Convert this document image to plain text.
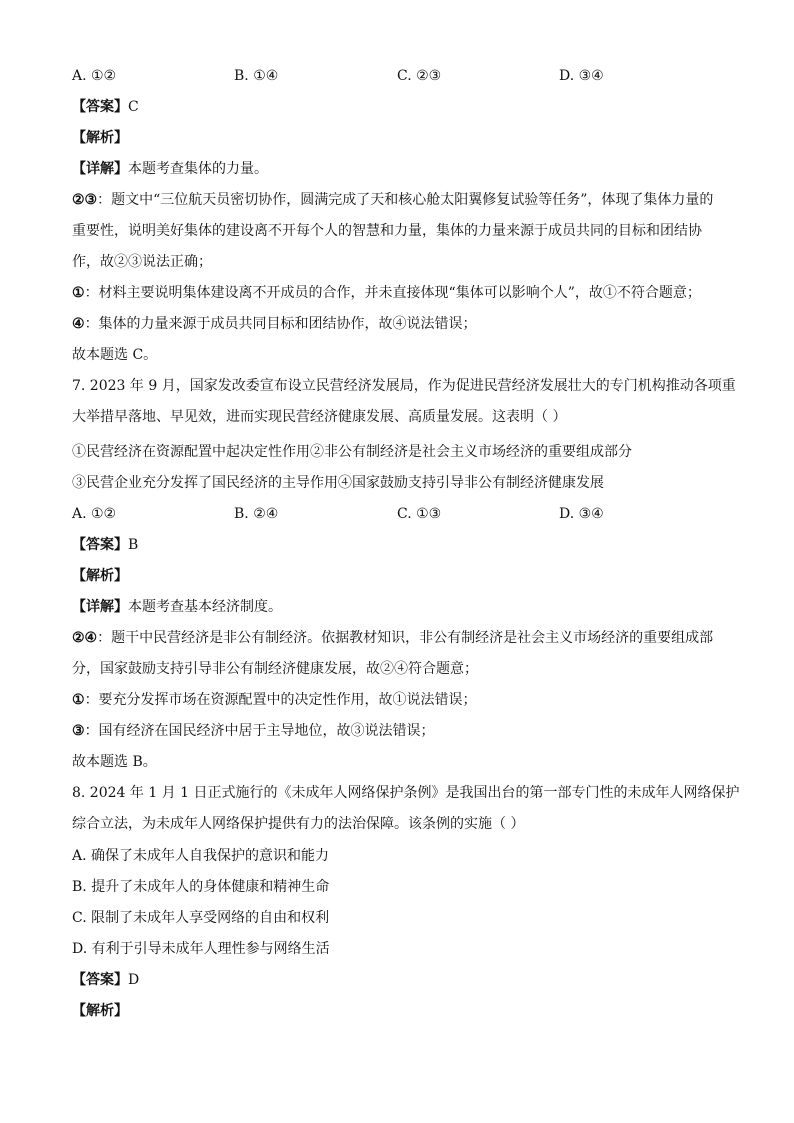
A. ①②	B. ①④	C. ②③	D. ③④
【答案】C
【解析】
【详解】本题考查集体的力量。
②③：题文中“三位航天员密切协作，圆满完成了天和核心舱太阳翼修复试验等任务”，体现了集体力量的
重要性，说明美好集体的建设离不开每个人的智慧和力量，集体的力量来源于成员共同的目标和团结协
作，故②③说法正确；
①：材料主要说明集体建设离不开成员的合作，并未直接体现“集体可以影响个人”，故①不符合题意；
④：集体的力量来源于成员共同目标和团结协作，故④说法错误；
故本题选 C。
7. 2023 年 9 月，国家发改委宣布设立民营经济发展局，作为促进民营经济发展壮大的专门机构推动各项重
大举措早落地、早见效，进而实现民营经济健康发展、高质量发展。这表明（ ）
①民营经济在资源配置中起决定性作用②非公有制经济是社会主义市场经济的重要组成部分
③民营企业充分发挥了国民经济的主导作用④国家鼓励支持引导非公有制经济健康发展
A. ①②	B. ②④	C. ①③	D. ③④
【答案】B
【解析】
【详解】本题考查基本经济制度。
②④：题干中民营经济是非公有制经济。依据教材知识，非公有制经济是社会主义市场经济的重要组成部
分，国家鼓励支持引导非公有制经济健康发展，故②④符合题意；
①：要充分发挥市场在资源配置中的决定性作用，故①说法错误；
③：国有经济在国民经济中居于主导地位，故③说法错误；
故本题选 B。
8. 2024 年 1 月 1 日正式施行的《未成年人网络保护条例》是我国出台的第一部专门性的未成年人网络保护
综合立法，为未成年人网络保护提供有力的法治保障。该条例的实施（ ）
A. 确保了未成年人自我保护的意识和能力
B. 提升了未成年人的身体健康和精神生命
C. 限制了未成年人享受网络的自由和权利
D. 有利于引导未成年人理性参与网络生活
【答案】D
【解析】
